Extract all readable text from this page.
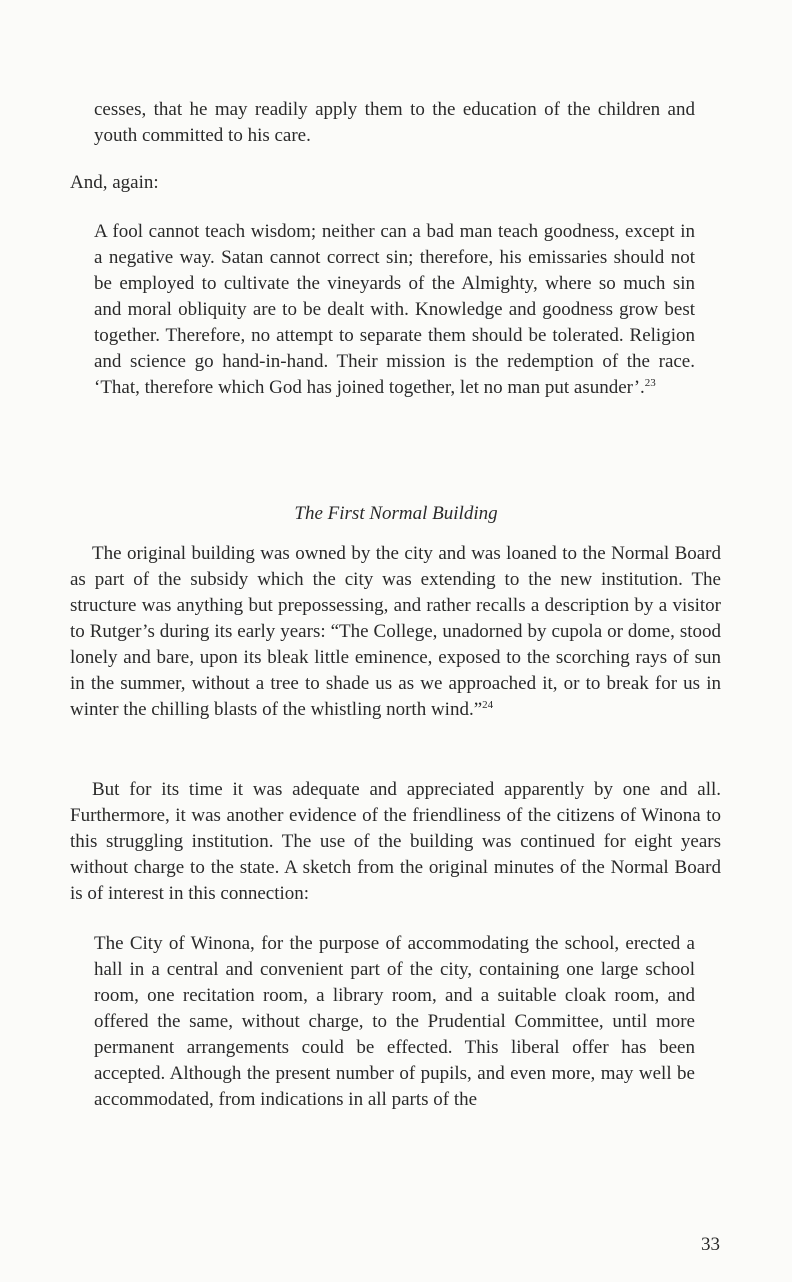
cesses, that he may readily apply them to the education of the children and youth committed to his care.

And, again:

A fool cannot teach wisdom; neither can a bad man teach goodness, except in a negative way. Satan cannot correct sin; therefore, his emissaries should not be employed to cultivate the vineyards of the Almighty, where so much sin and moral obliquity are to be dealt with. Knowledge and goodness grow best together. Therefore, no attempt to separate them should be tolerated. Religion and science go hand-in-hand. Their mission is the redemption of the race. ‘That, therefore which God has joined together, let no man put asunder’.$^{23}$

The First Normal Building

The original building was owned by the city and was loaned to the Normal Board as part of the subsidy which the city was extending to the new institution. The structure was anything but prepossessing, and rather recalls a description by a visitor to Rutger’s during its early years: “The College, unadorned by cupola or dome, stood lonely and bare, upon its bleak little eminence, exposed to the scorching rays of sun in the summer, without a tree to shade us as we approached it, or to break for us in winter the chilling blasts of the whistling north wind.”$^{24}$

But for its time it was adequate and appreciated apparently by one and all. Furthermore, it was another evidence of the friendliness of the citizens of Winona to this struggling institution. The use of the building was continued for eight years without charge to the state. A sketch from the original minutes of the Normal Board is of interest in this connection:

The City of Winona, for the purpose of accommodating the school, erected a hall in a central and convenient part of the city, containing one large school room, one recitation room, a library room, and a suitable cloak room, and offered the same, without charge, to the Prudential Committee, until more permanent arrangements could be effected. This liberal offer has been accepted. Although the present number of pupils, and even more, may well be accommodated, from indications in all parts of the

33
